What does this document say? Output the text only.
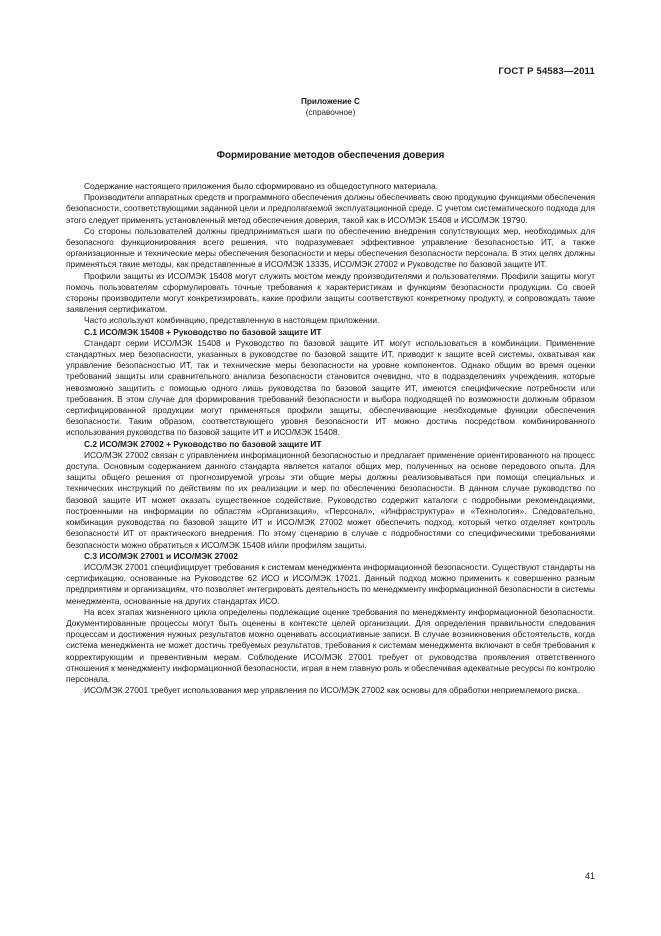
ГОСТ Р 54583—2011
Приложение С
(справочное)
Формирование методов обеспечения доверия

Содержание настоящего приложения было сформировано из общедоступного материала.

Производители аппаратных средств и программного обеспечения должны обеспечивать свою продукцию функциями обеспечения безопасности, соответствующими заданной цели и предполагаемой эксплуатационной среде. С учетом систематического подхода для этого следует применять установленный метод обеспечения доверия, такой как в ИСО/МЭК 15408 и ИСО/МЭК 19790.

Со стороны пользователей должны предприниматься шаги по обеспечению внедрения сопутствующих мер, необходимых для безопасного функционирования всего решения, что подразумевает эффективное управление безопасностью ИТ, а также организационные и технические меры обеспечения безопасности и меры обеспечения безопасности персонала. В этих целях должны применяться такие методы, как представленные в ИСО/МЭК 13335, ИСО/МЭК 27002 и Руководстве по базовой защите ИТ.

Профили защиты из ИСО/МЭК 15408 могут служить мостом между производителями и пользователями. Профили защиты могут помочь пользователям сформулировать точные требования к характеристикам и функциям безопасности продукции. Со своей стороны производители могут конкретизировать, какие профили защиты соответствуют конкретному продукту, и сопровождать такие заявления сертификатом.

Часто используют комбинацию, представленную в настоящем приложении.

С.1 ИСО/МЭК 15408 + Руководство по базовой защите ИТ

Стандарт серии ИСО/МЭК 15408 и Руководство по базовой защите ИТ могут использоваться в комбинации. Применение стандартных мер безопасности, указанных в руководстве по базовой защите ИТ, приводит к защите всей системы, охватывая как управление безопасностью ИТ, так и технические меры безопасности на уровне компонентов. Однако общим во время оценки требований защиты или сравнительного анализа безопасности становится очевидно, что в подразделениях учреждения, которые невозможно защитить с помощью одного лишь руководства по базовой защите ИТ, имеются специфические потребности или требования. В этом случае для формирования требований безопасности и выбора подходящей по возможности должным образом сертифицированной продукции могут применяться профили защиты, обеспечивающие необходимые функции обеспечения безопасности. Таким образом, соответствующего уровня безопасности ИТ можно достичь посредством комбинированного использования руководства по базовой защите ИТ и ИСО/МЭК 15408.

С.2 ИСО/МЭК 27002 + Руководство по базовой защите ИТ

ИСО/МЭК 27002 связан с управлением информационной безопасностью и предлагает применение ориентированного на процесс доступа. Основным содержанием данного стандарта является каталог общих мер, полученных на основе передового опыта. Для защиты общего решения от прогнозируемой угрозы эти общие меры должны реализовываться при помощи специальных и технических инструкций по действиям по их реализации и мер по обеспечению безопасности. В данном случае руководство по базовой защите ИТ может оказать существенное содействие. Руководство содержит каталоги с подробными рекомендациями, построенными на информации по областям «Организация», «Персонал», «Инфраструктура» и «Технология». Следовательно, комбинация руководства по базовой защите ИТ и ИСО/МЭК 27002 может обеспечить подход, который четко отделяет контроль безопасности ИТ от практического внедрения. По этому сценарию в случае с подробностями со специфическими требованиями безопасности можно обратиться к ИСО/МЭК 15408 и/или профилям защиты.

С.3 ИСО/МЭК 27001 и ИСО/МЭК 27002

ИСО/МЭК 27001 специфицирует требования к системам менеджмента информационной безопасности. Существуют стандарты на сертификацию, основанные на Руководстве 62 ИСО и ИСО/МЭК 17021. Данный подход можно применить к совершенно разным предприятиям и организациям, что позволяет интегрировать деятельность по менеджменту информационной безопасности в системы менеджмента, основанные на других стандартах ИСО.

На всех этапах жизненного цикла определены подлежащие оценке требования по менеджменту информационной безопасности. Документированные процессы могут быть оценены в контексте целей организации. Для определения правильности следования процессам и достижения нужных результатов можно оценивать ассоциативные записи. В случае возникновения обстоятельств, когда система менеджмента не может достичь требуемых результатов, требования к системам менеджмента включают в себя требования к корректирующим и превентивным мерам. Соблюдение ИСО/МЭК 27001 требует от руководства проявления ответственного отношения к менеджменту информационной безопасности, играя в нем главную роль и обеспечивая адекватные ресурсы по контролю персонала.

ИСО/МЭК 27001 требует использования мер управления по ИСО/МЭК 27002 как основы для обработки неприемлемого риска.

41
